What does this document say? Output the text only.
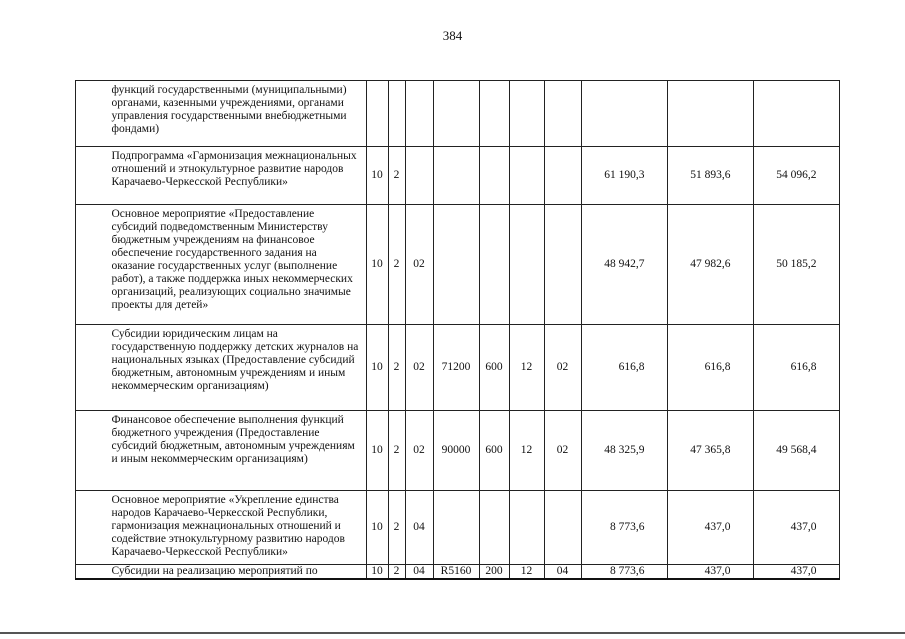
384
	функций государственными (муниципальными) органами, казенными учреждениями, органами управления государственными внебюджетными фондами)										
	Подпрограмма «Гармонизация межнациональных отношений и этнокультурное развитие народов Карачаево-Черкесской Республики»	10	2						61 190,3	51 893,6	54 096,2
	Основное мероприятие «Предоставление субсидий подведомственным Министерству бюджетным учреждениям на финансовое обеспечение государственного задания на оказание государственных услуг (выполнение работ), а также поддержка иных некоммерческих организаций, реализующих социально значимые проекты для детей»	10	2	02					48 942,7	47 982,6	50 185,2
	Субсидии юридическим лицам на государственную поддержку детских журналов на национальных языках (Предоставление субсидий бюджетным, автономным учреждениям и иным некоммерческим организациям)	10	2	02	71200	600	12	02	616,8	616,8	616,8
	Финансовое обеспечение выполнения функций бюджетного учреждения (Предоставление субсидий бюджетным, автономным учреждениям и иным некоммерческим организациям)	10	2	02	90000	600	12	02	48 325,9	47 365,8	49 568,4
	Основное мероприятие «Укрепление единства народов Карачаево-Черкесской Республики, гармонизация межнациональных отношений и содействие этнокультурному развитию народов Карачаево-Черкесской Республики»	10	2	04					8 773,6	437,0	437,0
	Субсидии на реализацию мероприятий по	10	2	04	R5160	200	12	04	8 773,6	437,0	437,0
